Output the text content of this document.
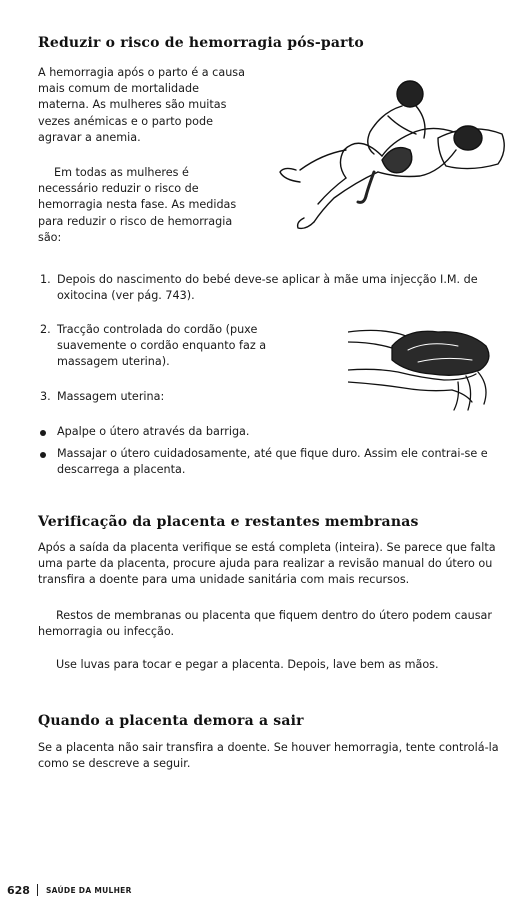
Reduzir o risco de hemorragia pós-parto

A hemorragia após o parto é a causa mais comum de mortalidade materna. As mulheres são muitas vezes anémicas e o parto pode agravar a anemia.

Em todas as mulheres é necessário reduzir o risco de hemorragia nesta fase. As medidas para reduzir o risco de hemorragia são:

1. Depois do nascimento do bebé deve-se aplicar à mãe uma injecção I.M. de oxitocina (ver pág. 743).
2. Tracção controlada do cordão (puxe suavemente o cordão enquanto faz a massagem uterina).
3. Massagem uterina:
Apalpe o útero através da barriga.
Massajar o útero cuidadosamente, até que fique duro. Assim ele contrai-se e descarrega a placenta.
Verificação da placenta e restantes membranas

Após a saída da placenta verifique se está completa (inteira). Se parece que falta uma parte da placenta, procure ajuda para realizar a revisão manual do útero ou transfira a doente para uma unidade sanitária com mais recursos.

Restos de membranas ou placenta que fiquem dentro do útero podem causar hemorragia ou infecção.

Use luvas para tocar e pegar a placenta. Depois, lave bem as mãos.

Quando a placenta demora a sair

Se a placenta não sair transfira a doente. Se houver hemorragia, tente controlá-la como se descreve a seguir.

628 SAÚDE DA MULHER
